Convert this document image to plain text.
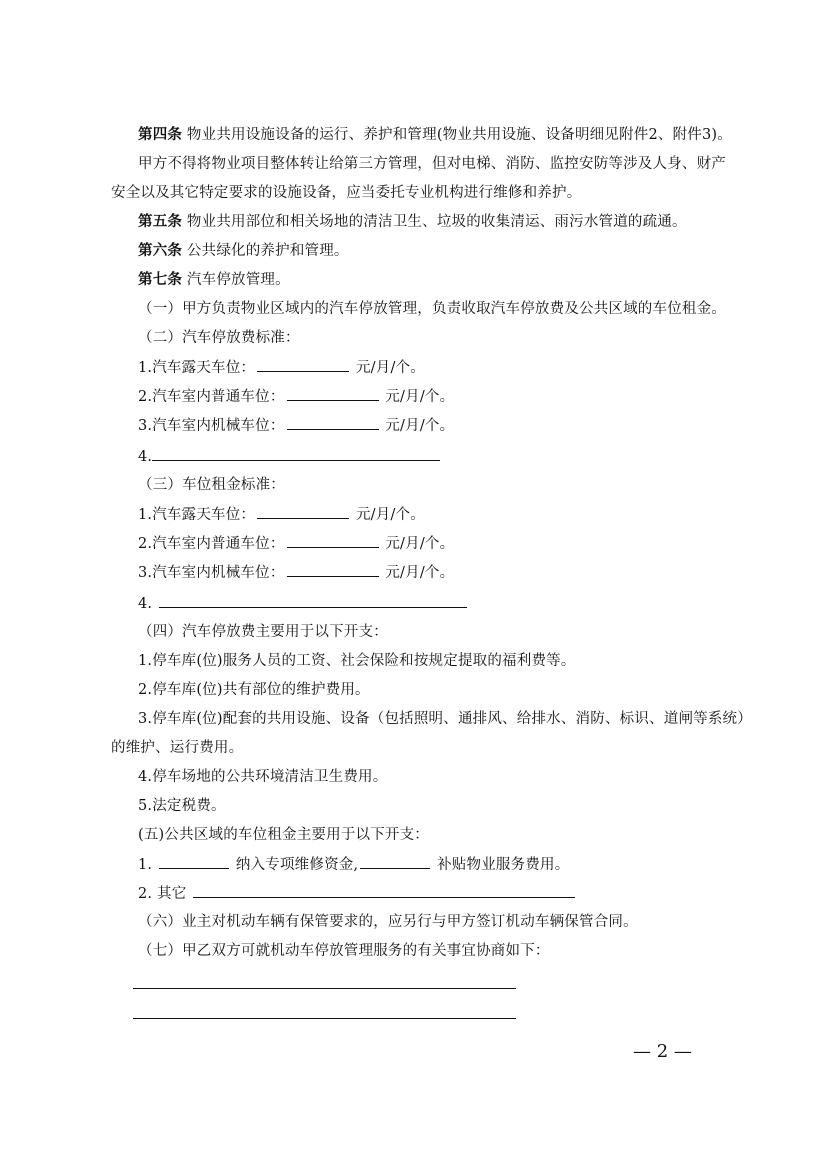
第四条 物业共用设施设备的运行、养护和管理(物业共用设施、设备明细见附件2、附件3)。
甲方不得将物业项目整体转让给第三方管理，但对电梯、消防、监控安防等涉及人身、财产
安全以及其它特定要求的设施设备，应当委托专业机构进行维修和养护。
第五条 物业共用部位和相关场地的清洁卫生、垃圾的收集清运、雨污水管道的疏通。
第六条 公共绿化的养护和管理。
第七条 汽车停放管理。
（一）甲方负责物业区域内的汽车停放管理，负责收取汽车停放费及公共区域的车位租金。
（二）汽车停放费标准：
1.汽车露天车位：	元/月/个。
2.汽车室内普通车位：	元/月/个。
3.汽车室内机械车位：	元/月/个。
4.
（三）车位租金标准：
1.汽车露天车位：	元/月/个。
2.汽车室内普通车位：	元/月/个。
3.汽车室内机械车位：	元/月/个。
4.
（四）汽车停放费主要用于以下开支：
1.停车库(位)服务人员的工资、社会保险和按规定提取的福利费等。
2.停车库(位)共有部位的维护费用。
3.停车库(位)配套的共用设施、设备（包括照明、通排风、给排水、消防、标识、道闸等系统）
的维护、运行费用。
4.停车场地的公共环境清洁卫生费用。
5.法定税费。
(五)公共区域的车位租金主要用于以下开支：
1.	纳入专项维修资金,	补贴物业服务费用。
2. 其它
（六）业主对机动车辆有保管要求的，应另行与甲方签订机动车辆保管合同。
（七）甲乙双方可就机动车停放管理服务的有关事宜协商如下：
— 2 —
